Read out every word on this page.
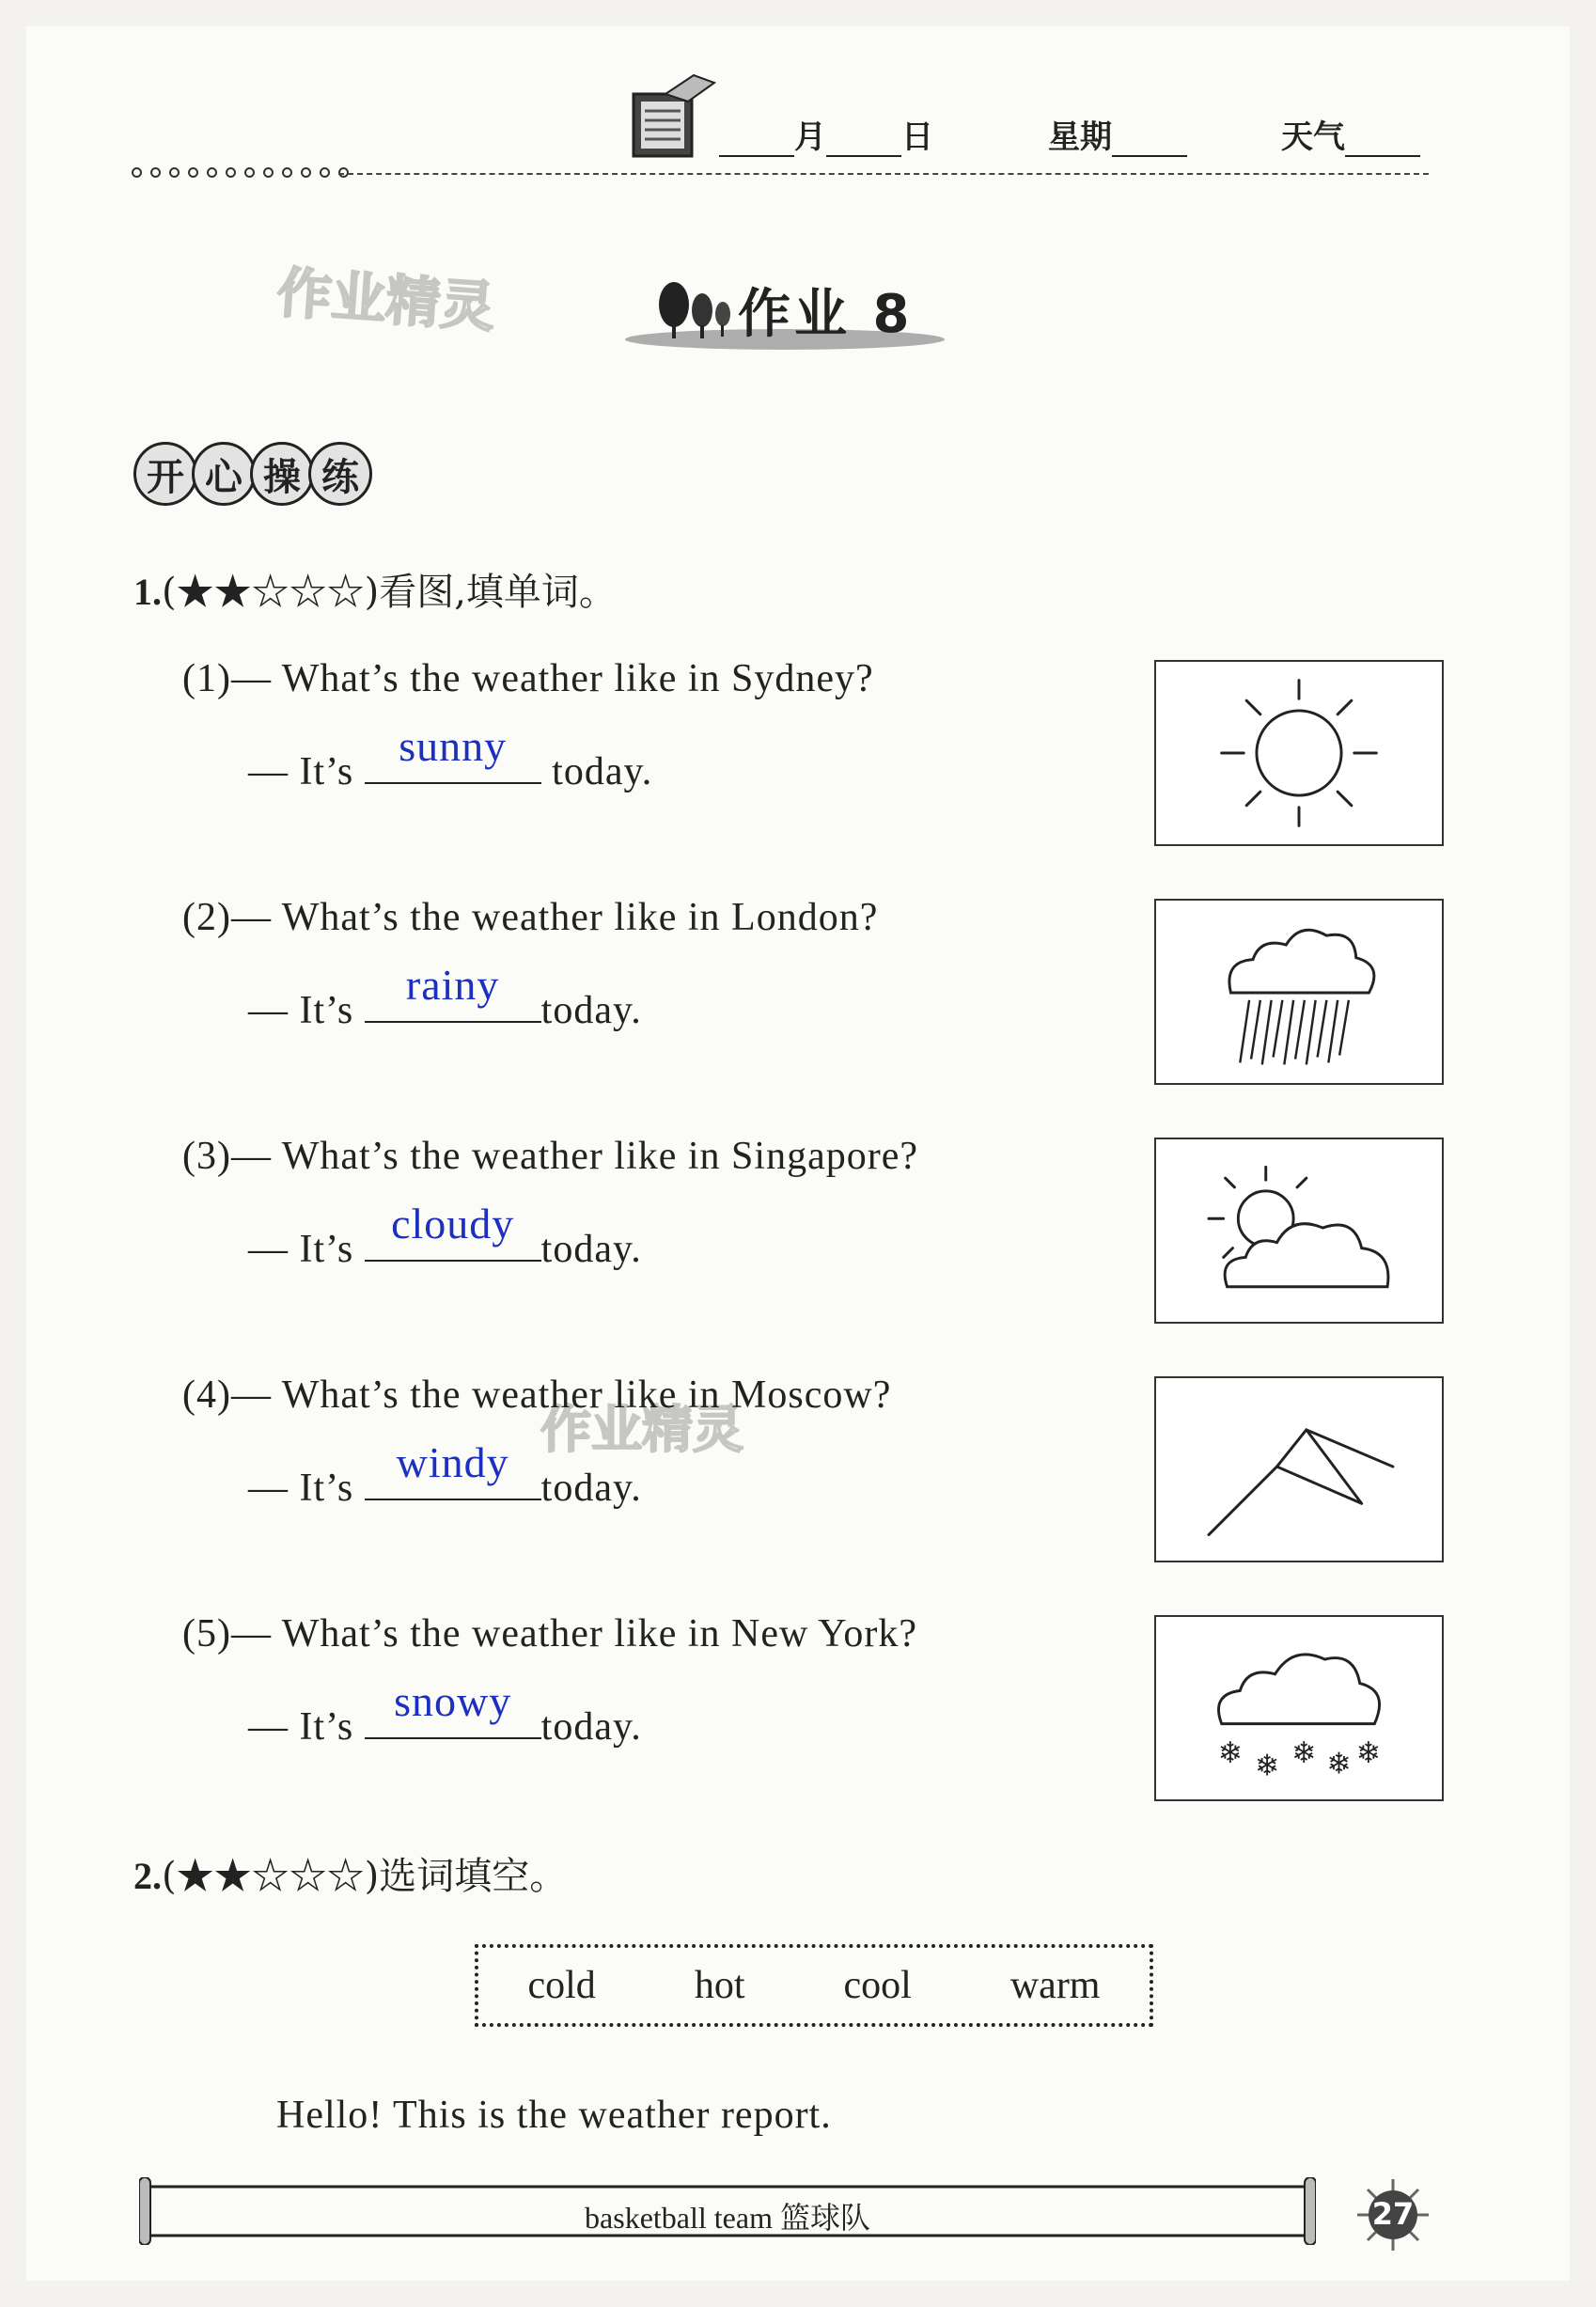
月 日	星期	天气
作业精灵
作业精灵
作业 8
开 心 操 练
1.(★★☆☆☆)看图,填单词。
(1)— What’s the weather like in Sydney?
— It’s
sunny
today.
(2)— What’s the weather like in London?
— It’s
rainy
today.
(3)— What’s the weather like in Singapore?
— It’s
cloudy
today.
(4)— What’s the weather like in Moscow?
— It’s
windy
today.
(5)— What’s the weather like in New York?
— It’s
snowy
today.
❄ ❄ ❄ ❄ ❄
2.(★★☆☆☆)选词填空。
cold	hot	cool	warm
Hello! This is the weather report.
basketball team 篮球队	27
